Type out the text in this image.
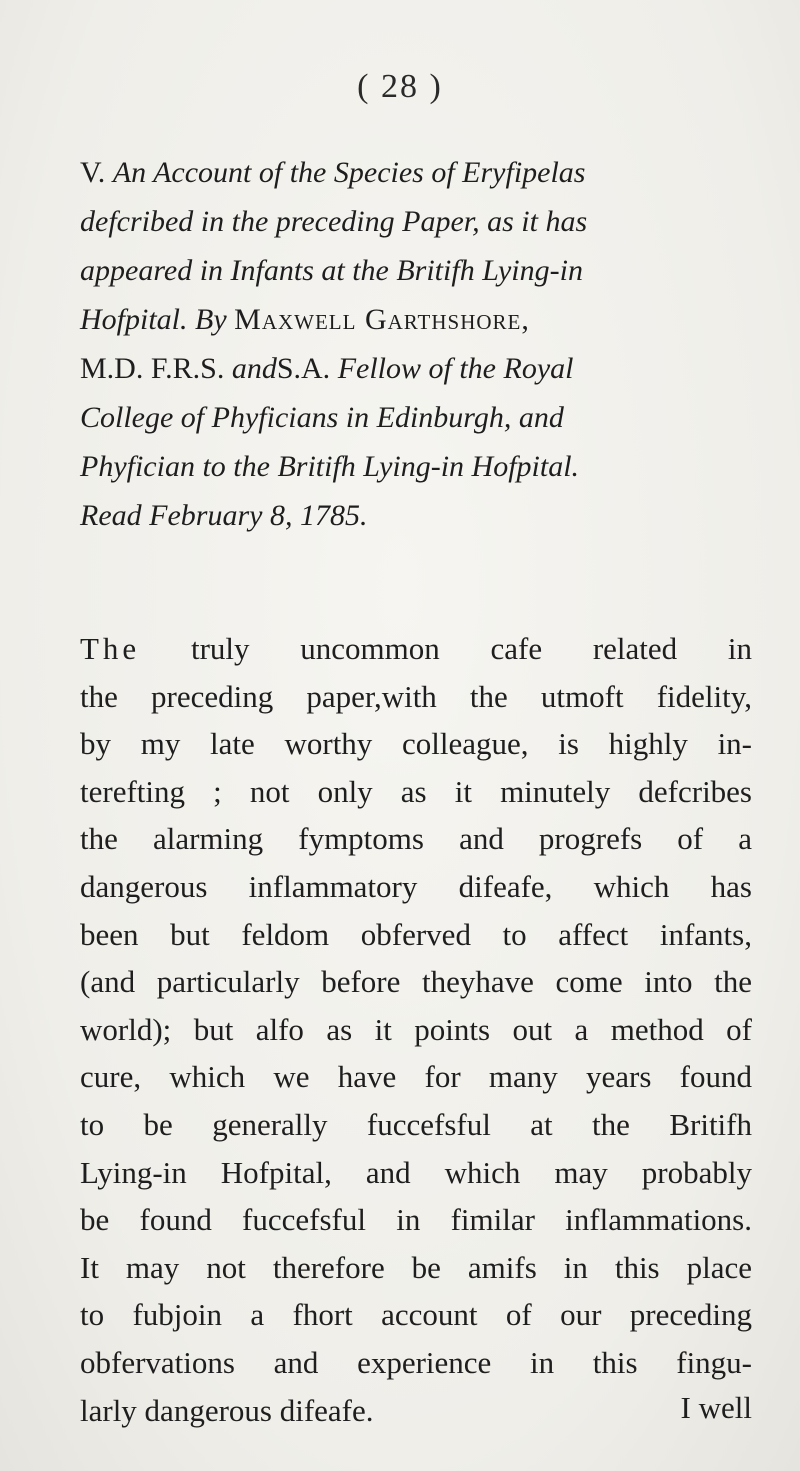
( 28 )
V. An Account of the Species of Eryfipelas
defcribed in the preceding Paper, as it has
appeared in Infants at the Britifh Lying-in
Hofpital. By Maxwell Garthshore,
M.D. F.R.S. andS.A. Fellow of the Royal
College of Phyficians in Edinburgh, and
Phyfician to the Britifh Lying-in Hofpital.
Read February 8, 1785.
The truly uncommon cafe related in
the preceding paper,with the utmoft fidelity,
by my late worthy colleague, is highly in-
terefting ; not only as it minutely defcribes
the alarming fymptoms and progrefs of a
dangerous inflammatory difeafe, which has
been but feldom obferved to affect infants,
(and particularly before theyhave come into the
world); but alfo as it points out a method of
cure, which we have for many years found
to be generally fuccefsful at the Britifh
Lying-in Hofpital, and which may probably
be found fuccefsful in fimilar inflammations.
It may not therefore be amifs in this place
to fubjoin a fhort account of our preceding
obfervations and experience in this fingu-
larly dangerous difeafe.	I well
